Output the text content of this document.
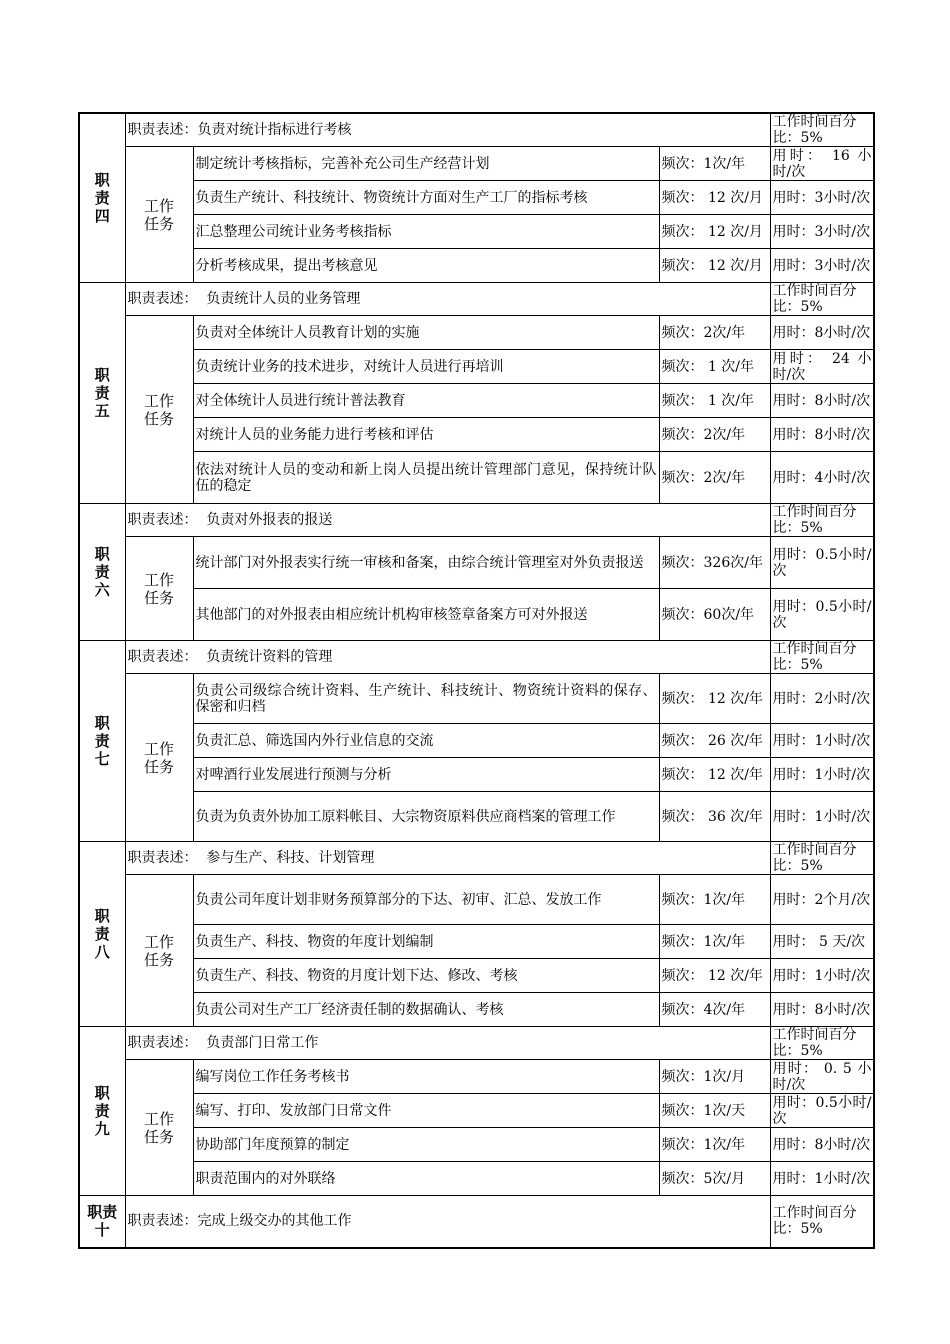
职责四	职责表述：负责对统计指标进行考核			工作时间百分比：5%
	工作任务	制定统计考核指标，完善补充公司生产经营计划	频次：1次/年	用时： 16 小时/次
		负责生产统计、科技统计、物资统计方面对生产工厂的指标考核	频次： 12 次/月	用时：3小时/次
		汇总整理公司统计业务考核指标	频次： 12 次/月	用时：3小时/次
		分析考核成果，提出考核意见	频次： 12 次/月	用时：3小时/次
职责五	职责表述：  负责统计人员的业务管理			工作时间百分比：5%
	工作任务	负责对全体统计人员教育计划的实施	频次：2次/年	用时：8小时/次
		负责统计业务的技术进步，对统计人员进行再培训	频次： 1 次/年	用时： 24 小时/次
		对全体统计人员进行统计普法教育	频次： 1 次/年	用时：8小时/次
		对统计人员的业务能力进行考核和评估	频次：2次/年	用时：8小时/次
		依法对统计人员的变动和新上岗人员提出统计管理部门意见，保持统计队伍的稳定	频次：2次/年	用时：4小时/次
职责六	职责表述：  负责对外报表的报送			工作时间百分比：5%
	工作任务	统计部门对外报表实行统一审核和备案，由综合统计管理室对外负责报送	频次：326次/年	用时：0.5小时/次
		其他部门的对外报表由相应统计机构审核签章备案方可对外报送	频次：60次/年	用时：0.5小时/次
职责七	职责表述：  负责统计资料的管理			工作时间百分比：5%
	工作任务	负责公司级综合统计资料、生产统计、科技统计、物资统计资料的保存、保密和归档	频次： 12 次/年	用时：2小时/次
		负责汇总、筛选国内外行业信息的交流	频次： 26 次/年	用时：1小时/次
		对啤酒行业发展进行预测与分析	频次： 12 次/年	用时：1小时/次
		负责为负责外协加工原料帐目、大宗物资原料供应商档案的管理工作	频次： 36 次/年	用时：1小时/次
职责八	职责表述：  参与生产、科技、计划管理			工作时间百分比：5%
	工作任务	负责公司年度计划非财务预算部分的下达、初审、汇总、发放工作	频次：1次/年	用时：2个月/次
		负责生产、科技、物资的年度计划编制	频次：1次/年	用时： 5 天/次
		负责生产、科技、物资的月度计划下达、修改、考核	频次： 12 次/年	用时：1小时/次
		负责公司对生产工厂经济责任制的数据确认、考核	频次：4次/年	用时：8小时/次
职责九	职责表述：  负责部门日常工作			工作时间百分比：5%
	工作任务	编写岗位工作任务考核书	频次：1次/月	用时： 0. 5 小时/次
		编写、打印、发放部门日常文件	频次：1次/天	用时：0.5小时/次
		协助部门年度预算的制定	频次：1次/年	用时：8小时/次
		职责范围内的对外联络	频次：5次/月	用时：1小时/次
职责十	职责表述：完成上级交办的其他工作			工作时间百分比：5%
